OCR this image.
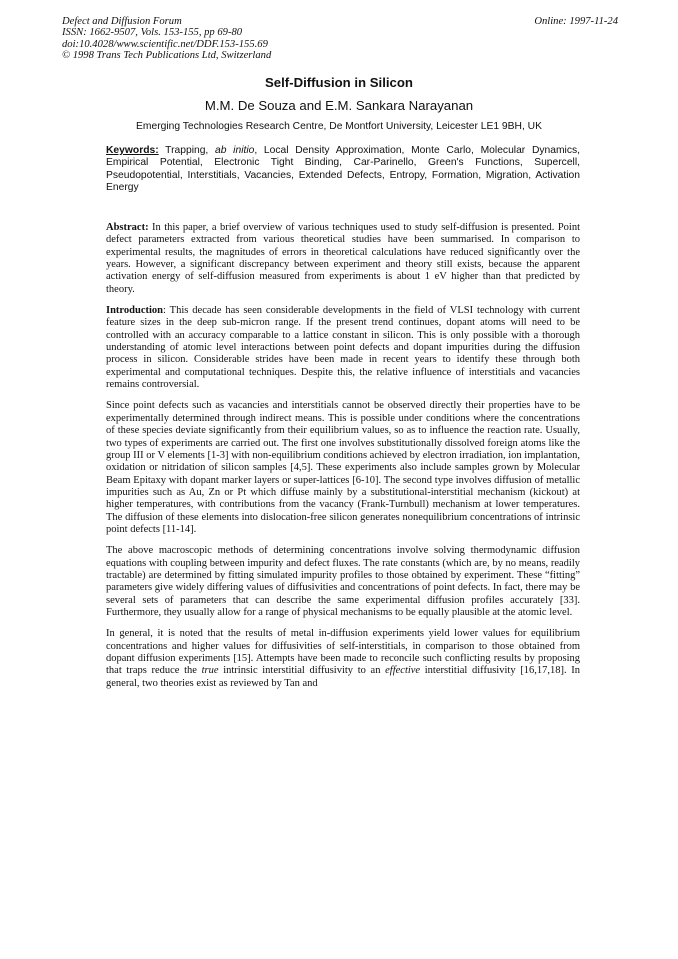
Defect and Diffusion Forum
ISSN: 1662-9507, Vols. 153-155, pp 69-80
doi:10.4028/www.scientific.net/DDF.153-155.69
© 1998 Trans Tech Publications Ltd, Switzerland
Online: 1997-11-24
Self-Diffusion in Silicon
M.M. De Souza and E.M. Sankara Narayanan
Emerging Technologies Research Centre, De Montfort University, Leicester LE1 9BH, UK
Keywords: Trapping, ab initio, Local Density Approximation, Monte Carlo, Molecular Dynamics, Empirical Potential, Electronic Tight Binding, Car-Parinello, Green's Functions, Supercell, Pseudopotential, Interstitials, Vacancies, Extended Defects, Entropy, Formation, Migration, Activation Energy

Abstract: In this paper, a brief overview of various techniques used to study self-diffusion is presented. Point defect parameters extracted from various theoretical studies have been summarised. In comparison to experimental results, the magnitudes of errors in theoretical calculations have reduced significantly over the years. However, a significant discrepancy between experiment and theory still exists, because the apparent activation energy of self-diffusion measured from experiments is about 1 eV higher than that predicted by theory.

Introduction: This decade has seen considerable developments in the field of VLSI technology with current feature sizes in the deep sub-micron range. If the present trend continues, dopant atoms will need to be controlled with an accuracy comparable to a lattice constant in silicon. This is only possible with a thorough understanding of atomic level interactions between point defects and dopant impurities during the diffusion process in silicon. Considerable strides have been made in recent years to identify these through both experimental and computational techniques. Despite this, the relative influence of interstitials and vacancies remains controversial.

Since point defects such as vacancies and interstitials cannot be observed directly their properties have to be experimentally determined through indirect means. This is possible under conditions where the concentrations of these species deviate significantly from their equilibrium values, so as to influence the reaction rate. Usually, two types of experiments are carried out. The first one involves substitutionally dissolved foreign atoms like the group III or V elements [1-3] with non-equilibrium conditions achieved by electron irradiation, ion implantation, oxidation or nitridation of silicon samples [4,5]. These experiments also include samples grown by Molecular Beam Epitaxy with dopant marker layers or super-lattices [6-10]. The second type involves diffusion of metallic impurities such as Au, Zn or Pt which diffuse mainly by a substitutional-interstitial mechanism (kickout) at higher temperatures, with contributions from the vacancy (Frank-Turnbull) mechanism at lower temperatures. The diffusion of these elements into dislocation-free silicon generates nonequilibrium concentrations of intrinsic point defects [11-14].

The above macroscopic methods of determining concentrations involve solving thermodynamic diffusion equations with coupling between impurity and defect fluxes. The rate constants (which are, by no means, readily tractable) are determined by fitting simulated impurity profiles to those obtained by experiment. These “fitting” parameters give widely differing values of diffusivities and concentrations of point defects. In fact, there may be several sets of parameters that can describe the same experimental diffusion profiles accurately [33]. Furthermore, they usually allow for a range of physical mechanisms to be equally plausible at the atomic level.

In general, it is noted that the results of metal in-diffusion experiments yield lower values for equilibrium concentrations and higher values for diffusivities of self-interstitials, in comparison to those obtained from dopant diffusion experiments [15]. Attempts have been made to reconcile such conflicting results by proposing that traps reduce the true intrinsic interstitial diffusivity to an effective interstitial diffusivity [16,17,18]. In general, two theories exist as reviewed by Tan and
